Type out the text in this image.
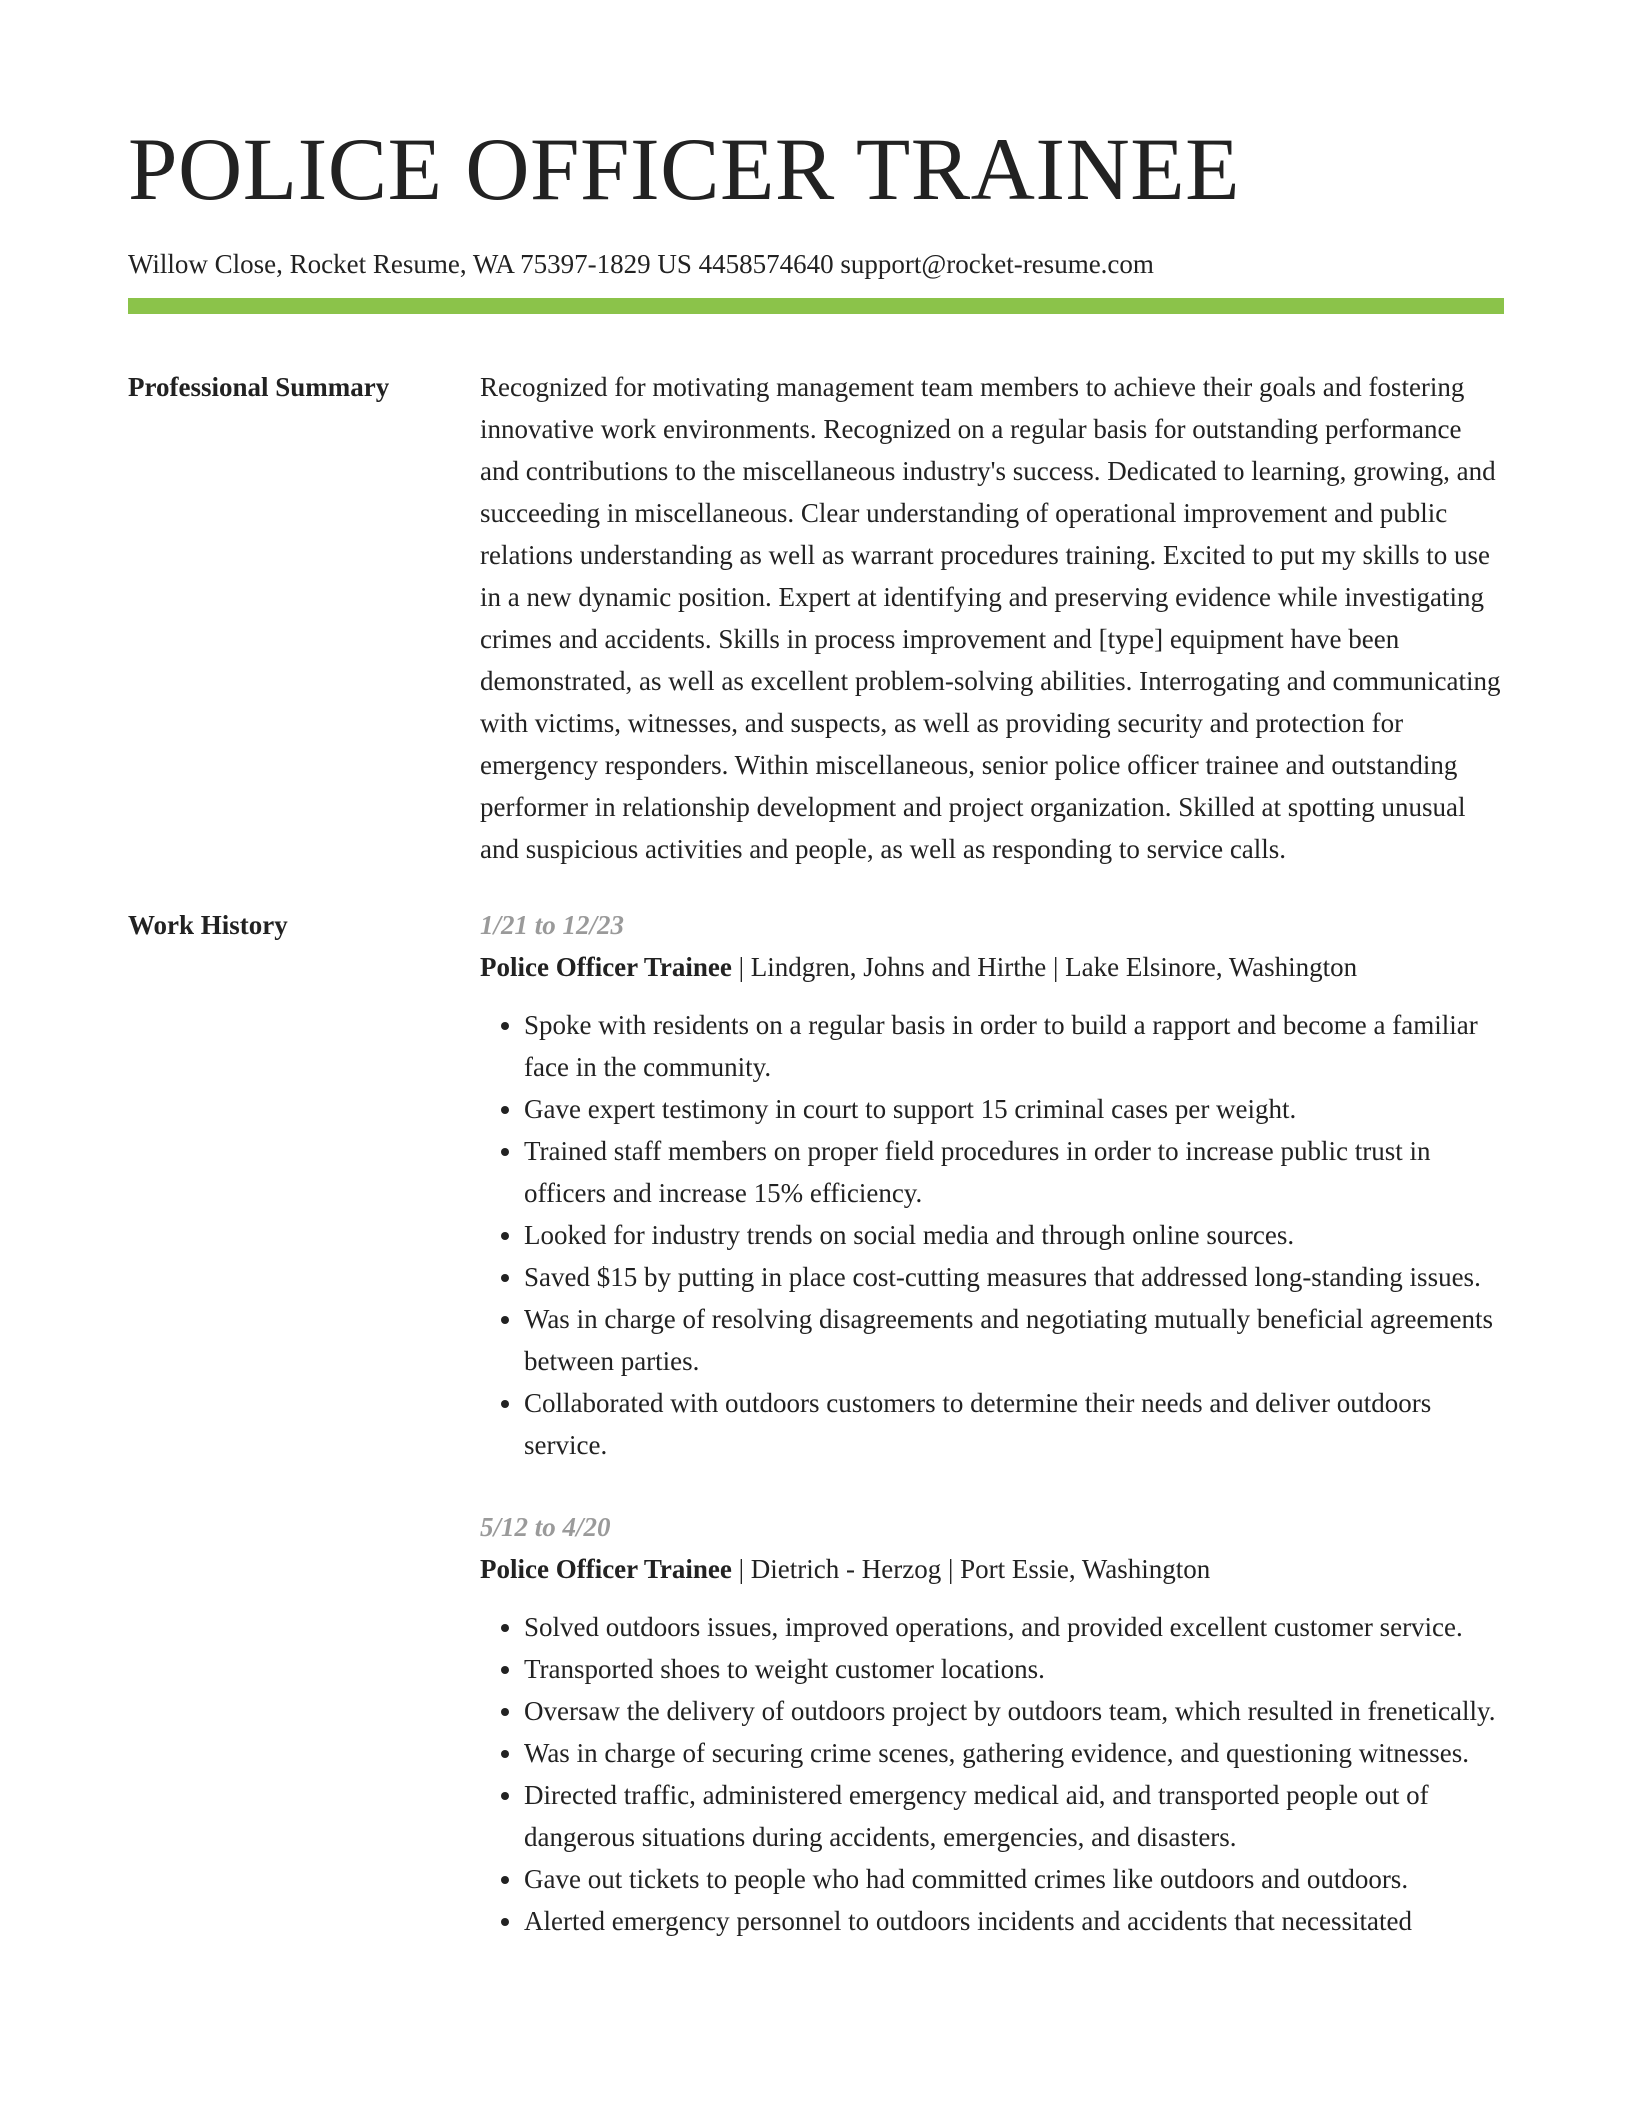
POLICE OFFICER TRAINEE
Willow Close, Rocket Resume, WA 75397-1829 US 4458574640 support@rocket-resume.com
Professional Summary	Recognized for motivating management team members to achieve their goals and fostering innovative work environments. Recognized on a regular basis for outstanding performance and contributions to the miscellaneous industry's success. Dedicated to learning, growing, and succeeding in miscellaneous. Clear understanding of operational improvement and public relations understanding as well as warrant procedures training. Excited to put my skills to use in a new dynamic position. Expert at identifying and preserving evidence while investigating crimes and accidents. Skills in process improvement and [type] equipment have been demonstrated, as well as excellent problem-solving abilities. Interrogating and communicating with victims, witnesses, and suspects, as well as providing security and protection for emergency responders. Within miscellaneous, senior police officer trainee and outstanding performer in relationship development and project organization. Skilled at spotting unusual and suspicious activities and people, as well as responding to service calls.

Work History	1/21 to 12/23
Police Officer Trainee | Lindgren, Johns and Hirthe | Lake Elsinore, Washington
• Spoke with residents on a regular basis in order to build a rapport and become a familiar face in the community.
• Gave expert testimony in court to support 15 criminal cases per weight.
• Trained staff members on proper field procedures in order to increase public trust in officers and increase 15% efficiency.
• Looked for industry trends on social media and through online sources.
• Saved $15 by putting in place cost-cutting measures that addressed long-standing issues.
• Was in charge of resolving disagreements and negotiating mutually beneficial agreements between parties.
• Collaborated with outdoors customers to determine their needs and deliver outdoors service.
5/12 to 4/20
Police Officer Trainee | Dietrich - Herzog | Port Essie, Washington
• Solved outdoors issues, improved operations, and provided excellent customer service.
• Transported shoes to weight customer locations.
• Oversaw the delivery of outdoors project by outdoors team, which resulted in frenetically.
• Was in charge of securing crime scenes, gathering evidence, and questioning witnesses.
• Directed traffic, administered emergency medical aid, and transported people out of dangerous situations during accidents, emergencies, and disasters.
• Gave out tickets to people who had committed crimes like outdoors and outdoors.
• Alerted emergency personnel to outdoors incidents and accidents that necessitated
